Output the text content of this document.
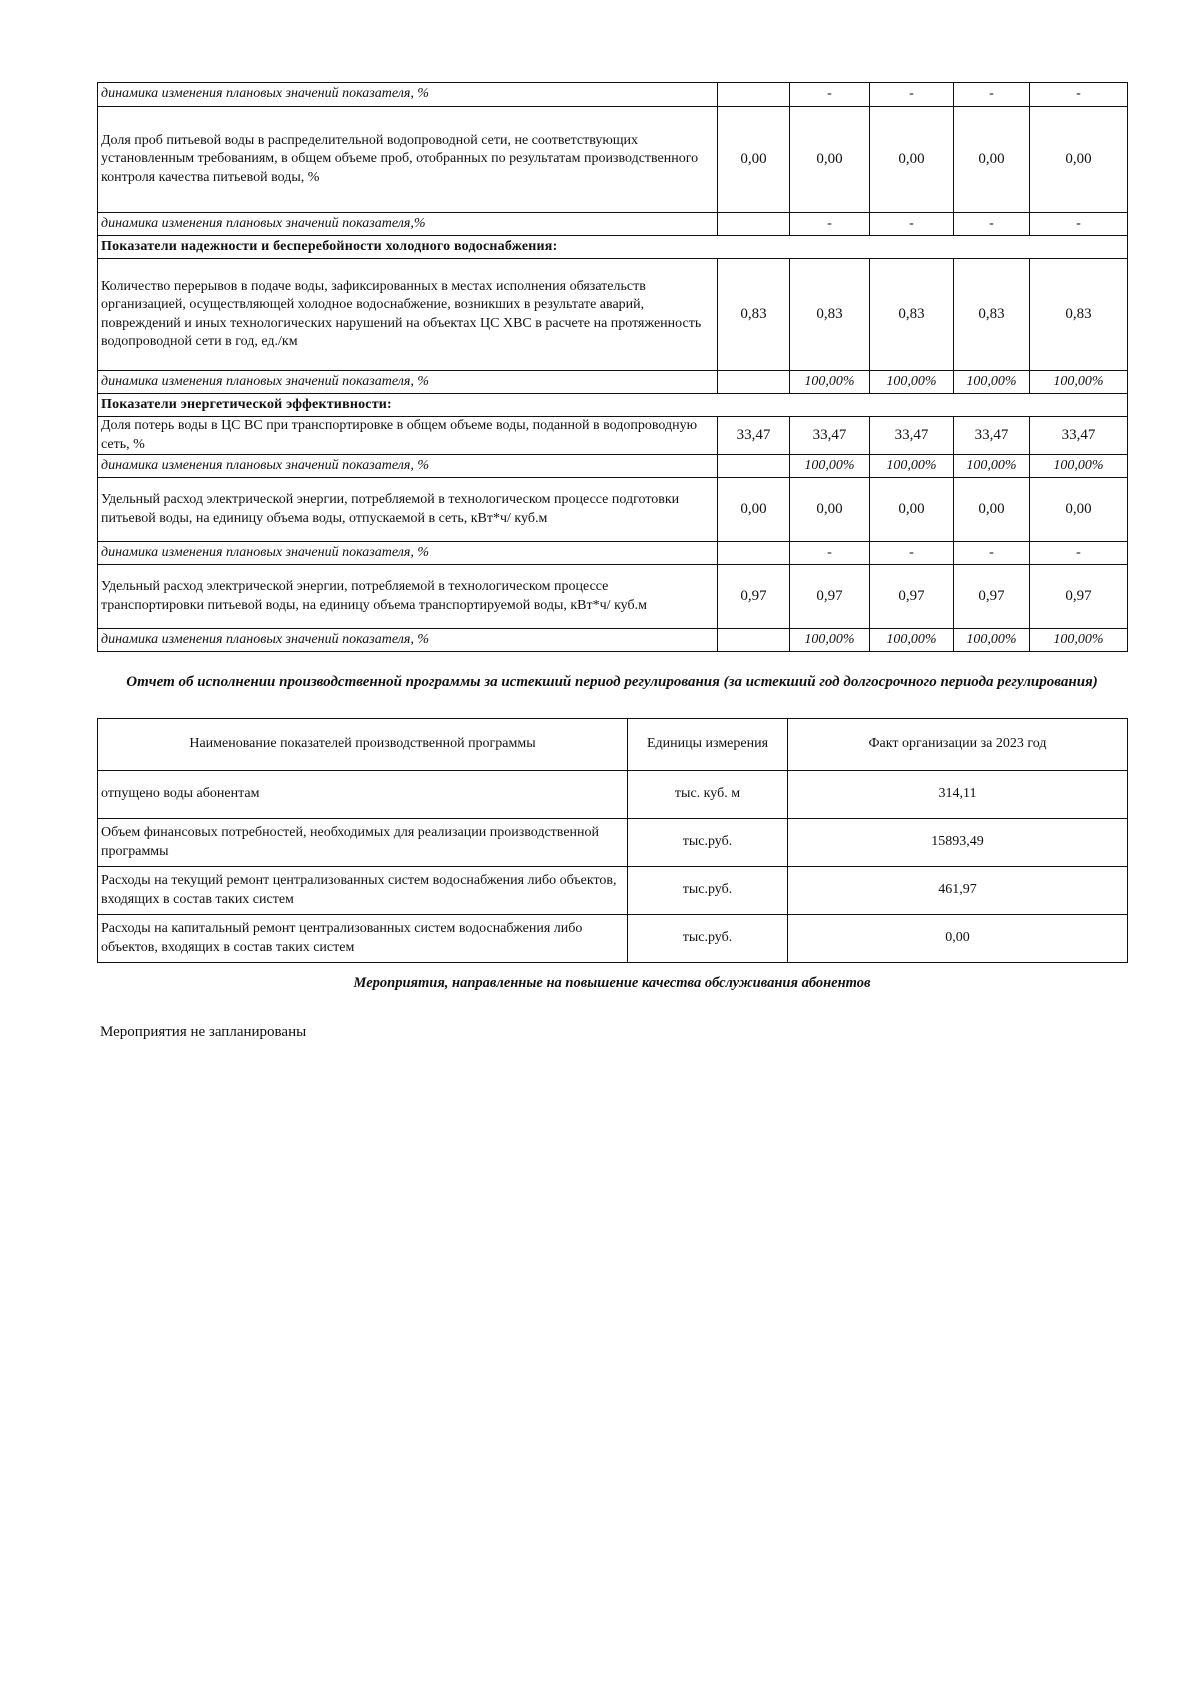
динамика изменения плановых значений показателя, %		-	-	-	-
Доля проб питьевой воды в распределительной водопроводной сети, не соответствующих установленным требованиям, в общем объеме проб, отобранных по результатам производственного контроля качества питьевой воды, %	0,00	0,00	0,00	0,00	0,00
динамика изменения плановых значений показателя,%		-	-	-	-
Показатели надежности и бесперебойности холодного водоснабжения:					
Количество перерывов в подаче воды, зафиксированных в местах исполнения обязательств организацией, осуществляющей холодное водоснабжение, возникших в результате аварий, повреждений и иных технологических нарушений на объектах ЦС ХВС в расчете на протяженность водопроводной сети в год, ед./км	0,83	0,83	0,83	0,83	0,83
динамика изменения плановых значений показателя, %		100,00%	100,00%	100,00%	100,00%
Показатели энергетической эффективности:					
Доля потерь воды в ЦС ВС при транспортировке в общем объеме воды, поданной в водопроводную сеть, %	33,47	33,47	33,47	33,47	33,47
динамика изменения плановых значений показателя, %		100,00%	100,00%	100,00%	100,00%
Удельный расход электрической энергии, потребляемой в технологическом процессе подготовки питьевой воды, на единицу объема воды, отпускаемой в сеть, кВт*ч/ куб.м	0,00	0,00	0,00	0,00	0,00
динамика изменения плановых значений показателя, %		-	-	-	-
Удельный расход электрической энергии, потребляемой в технологическом процессе транспортировки питьевой воды, на единицу объема транспортируемой воды, кВт*ч/ куб.м	0,97	0,97	0,97	0,97	0,97
динамика изменения плановых значений показателя, %		100,00%	100,00%	100,00%	100,00%
Отчет об исполнении производственной программы за истекший период регулирования (за истекший год долгосрочного периода регулирования)
Наименование показателей производственной программы	Единицы измерения	Факт организации за 2023 год
отпущено воды абонентам	тыс. куб. м	314,11
Объем финансовых потребностей, необходимых для реализации производственной программы	тыс.руб.	15893,49
Расходы на текущий ремонт централизованных систем водоснабжения либо объектов, входящих в состав таких систем	тыс.руб.	461,97
Расходы на капитальный ремонт централизованных систем водоснабжения либо объектов, входящих в состав таких систем	тыс.руб.	0,00
Мероприятия, направленные на повышение качества обслуживания абонентов
Мероприятия не запланированы
